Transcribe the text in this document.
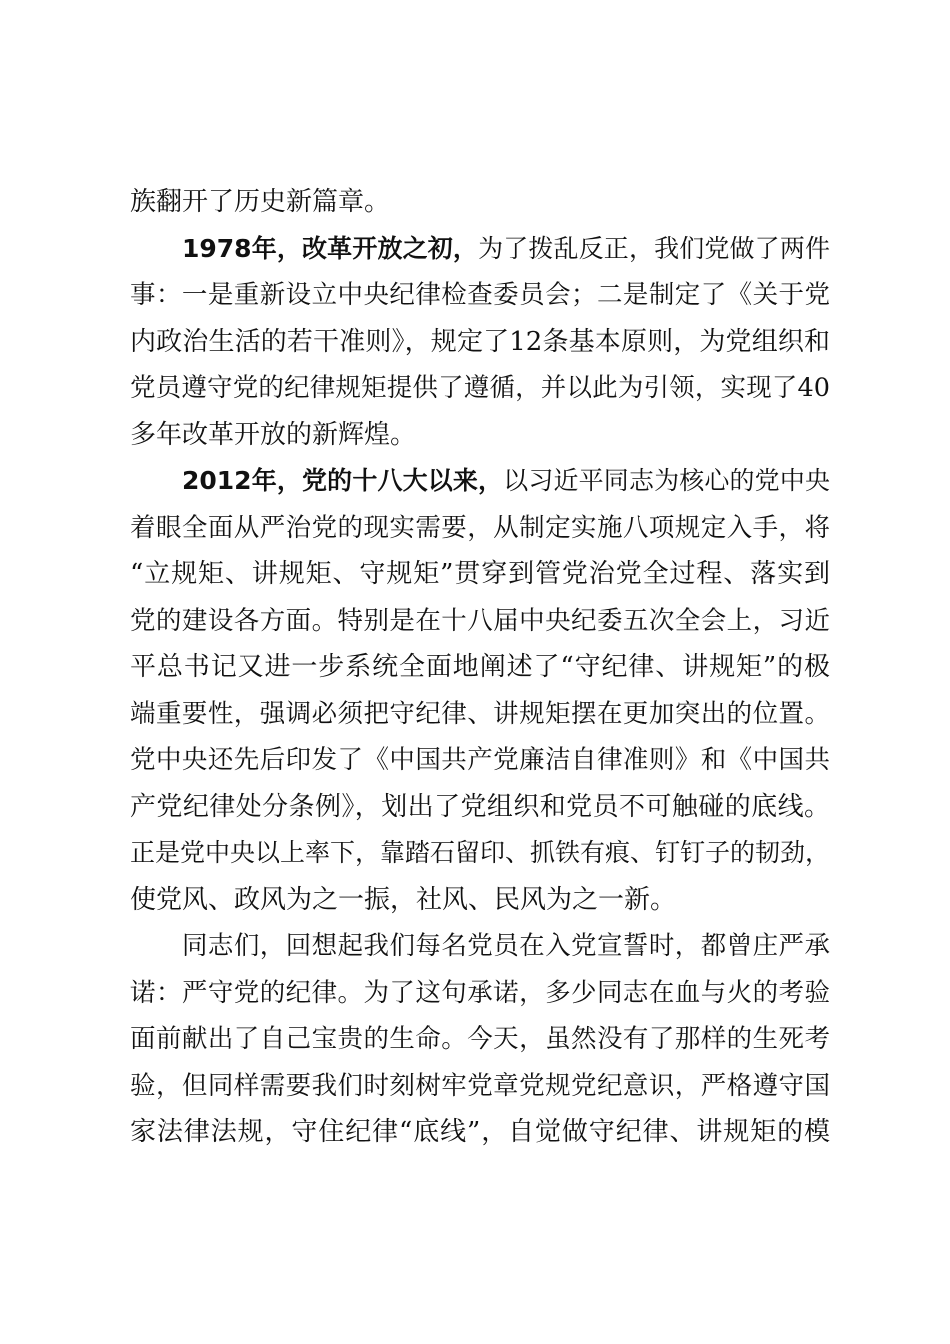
族翻开了历史新篇章。
1978年，改革开放之初，为了拨乱反正，我们党做了两件
事：一是重新设立中央纪律检查委员会；二是制定了《关于党
内政治生活的若干准则》，规定了12条基本原则，为党组织和
党员遵守党的纪律规矩提供了遵循，并以此为引领，实现了40
多年改革开放的新辉煌。
2012年，党的十八大以来，以习近平同志为核心的党中央
着眼全面从严治党的现实需要，从制定实施八项规定入手，将
“立规矩、讲规矩、守规矩”贯穿到管党治党全过程、落实到
党的建设各方面。特别是在十八届中央纪委五次全会上，习近
平总书记又进一步系统全面地阐述了“守纪律、讲规矩”的极
端重要性，强调必须把守纪律、讲规矩摆在更加突出的位置。
党中央还先后印发了《中国共产党廉洁自律准则》和《中国共
产党纪律处分条例》，划出了党组织和党员不可触碰的底线。
正是党中央以上率下，靠踏石留印、抓铁有痕、钉钉子的韧劲，
使党风、政风为之一振，社风、民风为之一新。
同志们，回想起我们每名党员在入党宣誓时，都曾庄严承
诺：严守党的纪律。为了这句承诺，多少同志在血与火的考验
面前献出了自己宝贵的生命。今天，虽然没有了那样的生死考
验，但同样需要我们时刻树牢党章党规党纪意识，严格遵守国
家法律法规，守住纪律“底线”，自觉做守纪律、讲规矩的模
